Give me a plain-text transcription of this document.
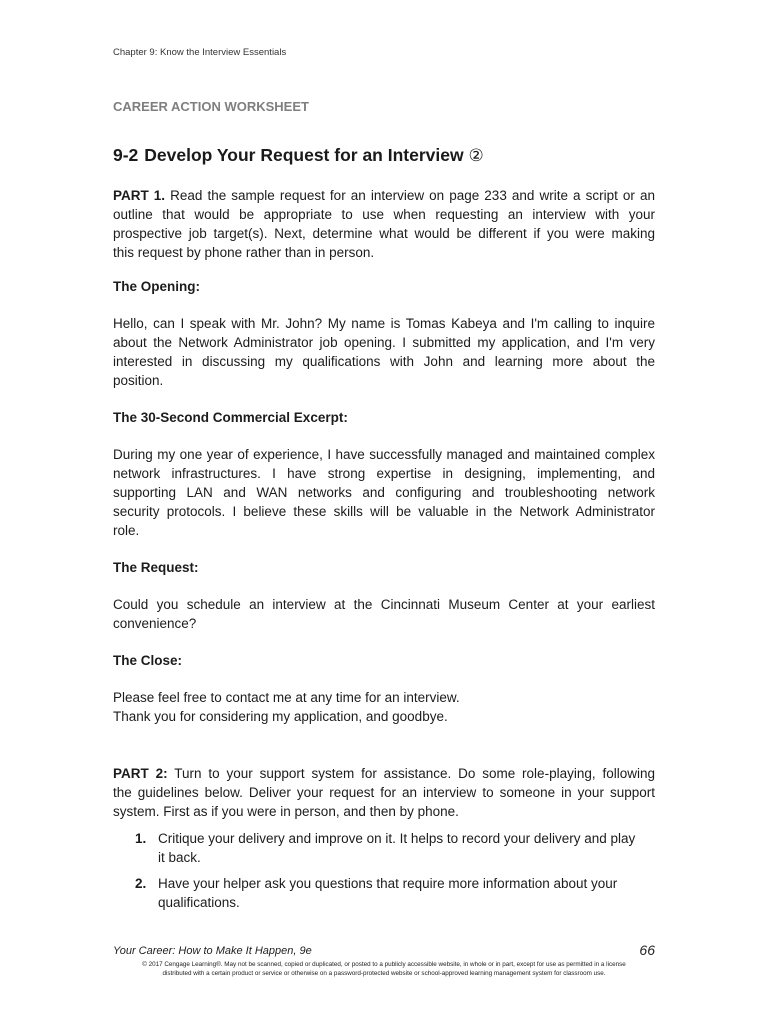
Chapter 9: Know the Interview Essentials
CAREER ACTION WORKSHEET
9-2 Develop Your Request for an Interview ②
PART 1. Read the sample request for an interview on page 233 and write a script or an
outline that would be appropriate to use when requesting an interview with your
prospective job target(s). Next, determine what would be different if you were making
this request by phone rather than in person.
The Opening:
Hello, can I speak with Mr. John? My name is Tomas Kabeya and I'm calling to inquire
about the Network Administrator job opening. I submitted my application, and I'm very
interested in discussing my qualifications with John and learning more about the
position.
The 30-Second Commercial Excerpt:
During my one year of experience, I have successfully managed and maintained complex
network infrastructures. I have strong expertise in designing, implementing, and
supporting LAN and WAN networks and configuring and troubleshooting network
security protocols. I believe these skills will be valuable in the Network Administrator
role.
The Request:
Could you schedule an interview at the Cincinnati Museum Center at your earliest
convenience?
The Close:
Please feel free to contact me at any time for an interview.
Thank you for considering my application, and goodbye.
PART 2: Turn to your support system for assistance. Do some role-playing, following
the guidelines below. Deliver your request for an interview to someone in your support
system. First as if you were in person, and then by phone.
1. Critique your delivery and improve on it. It helps to record your delivery and play
it back.
2. Have your helper ask you questions that require more information about your
qualifications.
Your Career: How to Make It Happen, 9e	66
© 2017 Cengage Learning®. May not be scanned, copied or duplicated, or posted to a publicly accessible website, in whole or in part, except for use as permitted in a license
distributed with a certain product or service or otherwise on a password-protected website or school-approved learning management system for classroom use.
